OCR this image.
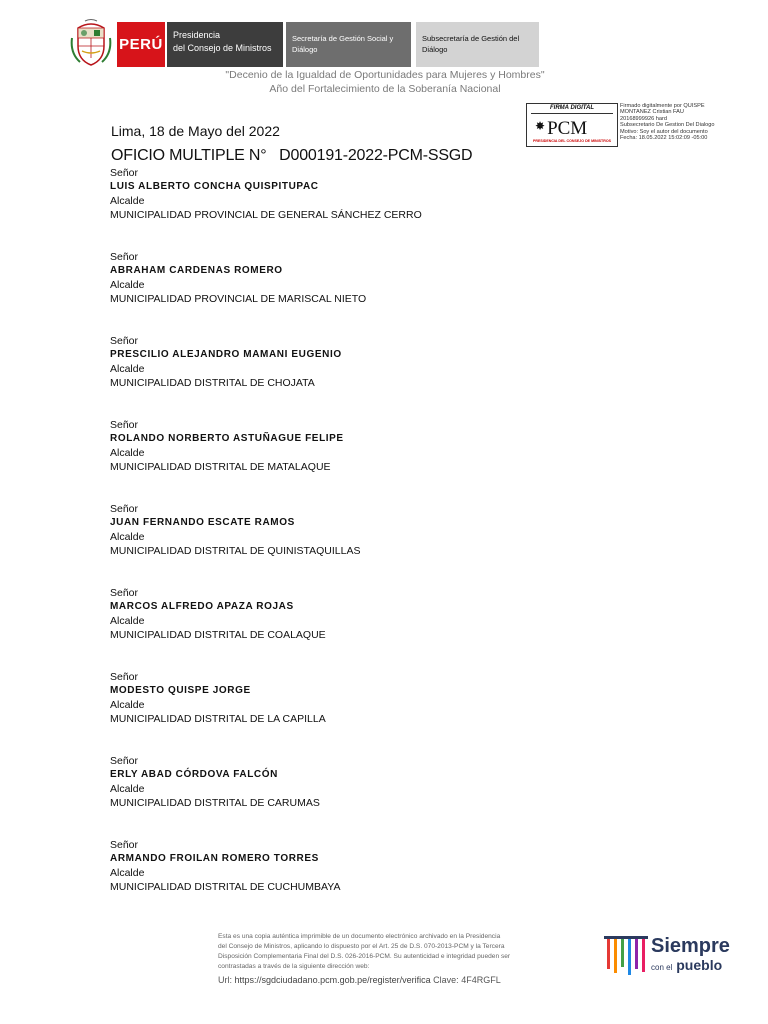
PERÚ
Presidencia
del Consejo de Ministros
Secretaría de Gestión Social y
Diálogo
Subsecretaría de Gestión del
Diálogo
"Decenio de la Igualdad de Oportunidades para Mujeres y Hombres"
Año del Fortalecimiento de la Soberanía Nacional
FIRMA DIGITAL
✸ PCM
PRESIDENCIA DEL CONSEJO DE MINISTROS
Firmado digitalmente por QUISPE
MONTANEZ Cristian FAU
20168999926 hard
Subsecretario De Gestion Del Dialogo
Motivo: Soy el autor del documento
Fecha: 18.05.2022 15:02:09 -05:00
Lima, 18 de Mayo del 2022
OFICIO MULTIPLE N° D000191-2022-PCM-SSGD
Señor
LUIS ALBERTO CONCHA QUISPITUPAC
Alcalde
MUNICIPALIDAD PROVINCIAL DE GENERAL SÁNCHEZ CERRO
Señor
ABRAHAM CARDENAS ROMERO
Alcalde
MUNICIPALIDAD PROVINCIAL DE MARISCAL NIETO
Señor
PRESCILIO ALEJANDRO MAMANI EUGENIO
Alcalde
MUNICIPALIDAD DISTRITAL DE CHOJATA
Señor
ROLANDO NORBERTO ASTUÑAGUE FELIPE
Alcalde
MUNICIPALIDAD DISTRITAL DE MATALAQUE
Señor
JUAN FERNANDO ESCATE RAMOS
Alcalde
MUNICIPALIDAD DISTRITAL DE QUINISTAQUILLAS
Señor
MARCOS ALFREDO APAZA ROJAS
Alcalde
MUNICIPALIDAD DISTRITAL DE COALAQUE
Señor
MODESTO QUISPE JORGE
Alcalde
MUNICIPALIDAD DISTRITAL DE LA CAPILLA
Señor
ERLY ABAD CÓRDOVA FALCÓN
Alcalde
MUNICIPALIDAD DISTRITAL DE CARUMAS
Señor
ARMANDO FROILAN ROMERO TORRES
Alcalde
MUNICIPALIDAD DISTRITAL DE CUCHUMBAYA
Esta es una copia auténtica imprimible de un documento electrónico archivado en la Presidencia
del Consejo de Ministros, aplicando lo dispuesto por el Art. 25 de D.S. 070-2013-PCM y la Tercera
Disposición Complementaria Final del D.S. 026-2016-PCM. Su autenticidad e integridad pueden ser
contrastadas a través de la siguiente dirección web:
Url: https://sgdciudadano.pcm.gob.pe/register/verifica Clave: 4F4RGFL
Siempre
con el pueblo
